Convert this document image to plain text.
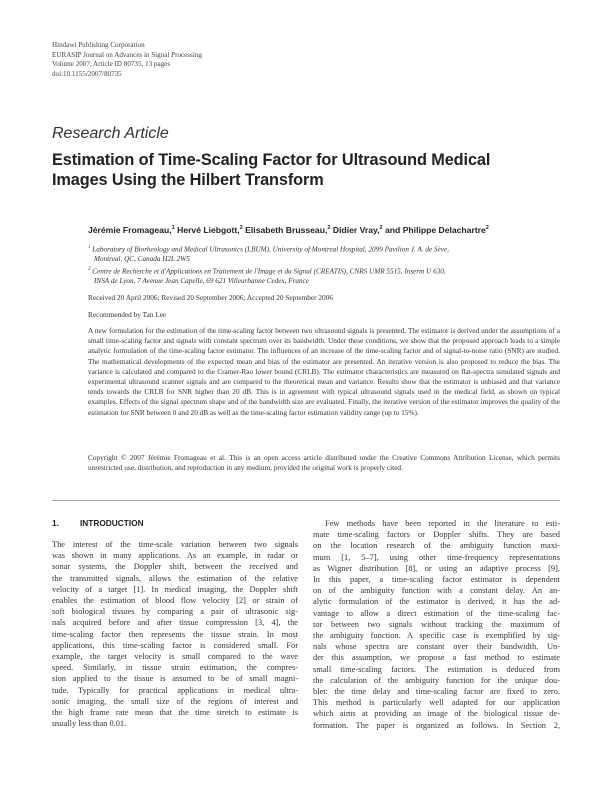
Hindawi Publishing Corporation
EURASIP Journal on Advances in Signal Processing
Volume 2007, Article ID 80735, 13 pages
doi:10.1155/2007/80735
Research Article
Estimation of Time-Scaling Factor for Ultrasound Medical
Images Using the Hilbert Transform
Jérémie Fromageau,$^1$ Hervé Liebgott,$^2$ Elisabeth Brusseau,$^2$ Didier Vray,$^2$ and Philippe Delachartre$^2$
$^1$ Laboratory of Biorheology and Medical Ultrasonics (LBUM), University of Montreal Hospital, 2099 Pavilion J. A. de Sève,
Montreal, QC, Canada H2L 2W5
$^2$ Centre de Recherche et d'Applications en Traitement de l'Image et du Signal (CREATIS), CNRS UMR 5515, Inserm U 630,
INSA de Lyon, 7 Avenue Jean Capelle, 69 621 Villeurbanne Cedex, France
Received 20 April 2006; Revised 20 September 2006; Accepted 20 September 2006
Recommended by Tan Lee
A new formulation for the estimation of the time-scaling factor between two ultrasound signals is presented. The estimator is derived under the assumptions of a small time-scaling factor and signals with constant spectrum over its bandwidth. Under these conditions, we show that the proposed approach leads to a simple analytic formulation of the time-scaling factor estimator. The influences of an increase of the time-scaling factor and of signal-to-noise ratio (SNR) are studied. The mathematical developments of the expected mean and bias of the estimator are presented. An iterative version is also proposed to reduce the bias. The variance is calculated and compared to the Cramer-Rao lower bound (CRLB). The estimator characteristics are measured on flat-spectra simulated signals and experimental ultrasound scanner signals and are compared to the theoretical mean and variance. Results show that the estimator is unbiased and that variance tends towards the CRLB for SNR higher than 20 dB. This is in agreement with typical ultrasound signals used in the medical field, as shown on typical examples. Effects of the signal spectrum shape and of the bandwidth size are evaluated. Finally, the iterative version of the estimator improves the quality of the estimation for SNR between 0 and 20 dB as well as the time-scaling factor estimation validity range (up to 15%).
Copyright © 2007 Jérémie Fromageau et al. This is an open access article distributed under the Creative Commons Attribution License, which permits unrestricted use, distribution, and reproduction in any medium, provided the original work is properly cited.
1.	INTRODUCTION
The interest of the time-scale variation between two signals
was shown in many applications. As an example, in radar or
sonar systems, the Doppler shift, between the received and
the transmitted signals, allows the estimation of the relative
velocity of a target [1]. In medical imaging, the Doppler shift
enables the estimation of blood flow velocity [2] or strain of
soft biological tissues by comparing a pair of ultrasonic sig-
nals acquired before and after tissue compression [3, 4], the
time-scaling factor then represents the tissue strain. In most
applications, this time-scaling factor is considered small. For
example, the target velocity is small compared to the wave
speed. Similarly, in tissue strain estimation, the compres-
sion applied to the tissue is assumed to be of small magni-
tude. Typically for practical applications in medical ultra-
sonic imaging, the small size of the regions of interest and
the high frame rate mean that the time stretch to estimate is
usually less than 0.01.
Few methods have been reported in the literature to esti-
mate time-scaling factors or Doppler shifts. They are based
on the location research of the ambiguity function maxi-
mum [1, 5–7], using other time-frequency representations
as Wigner distribution [8], or using an adaptive process [9].
In this paper, a time-scaling factor estimator is dependent
on of the ambiguity function with a constant delay. An an-
alytic formulation of the estimator is derived, it has the ad-
vantage to allow a direct estimation of the time-scaling fac-
tor between two signals without tracking the maximum of
the ambiguity function. A specific case is exemplified by sig-
nals whose spectra are constant over their bandwidth. Un-
der this assumption, we propose a fast method to estimate
small time-scaling factors. The estimation is deduced from
the calculation of the ambiguity function for the unique dou-
blet: the time delay and time-scaling factor are fixed to zero.
This method is particularly well adapted for our application
which aims at providing an image of the biological tissue de-
formation. The paper is organized as follows. In Section 2,
